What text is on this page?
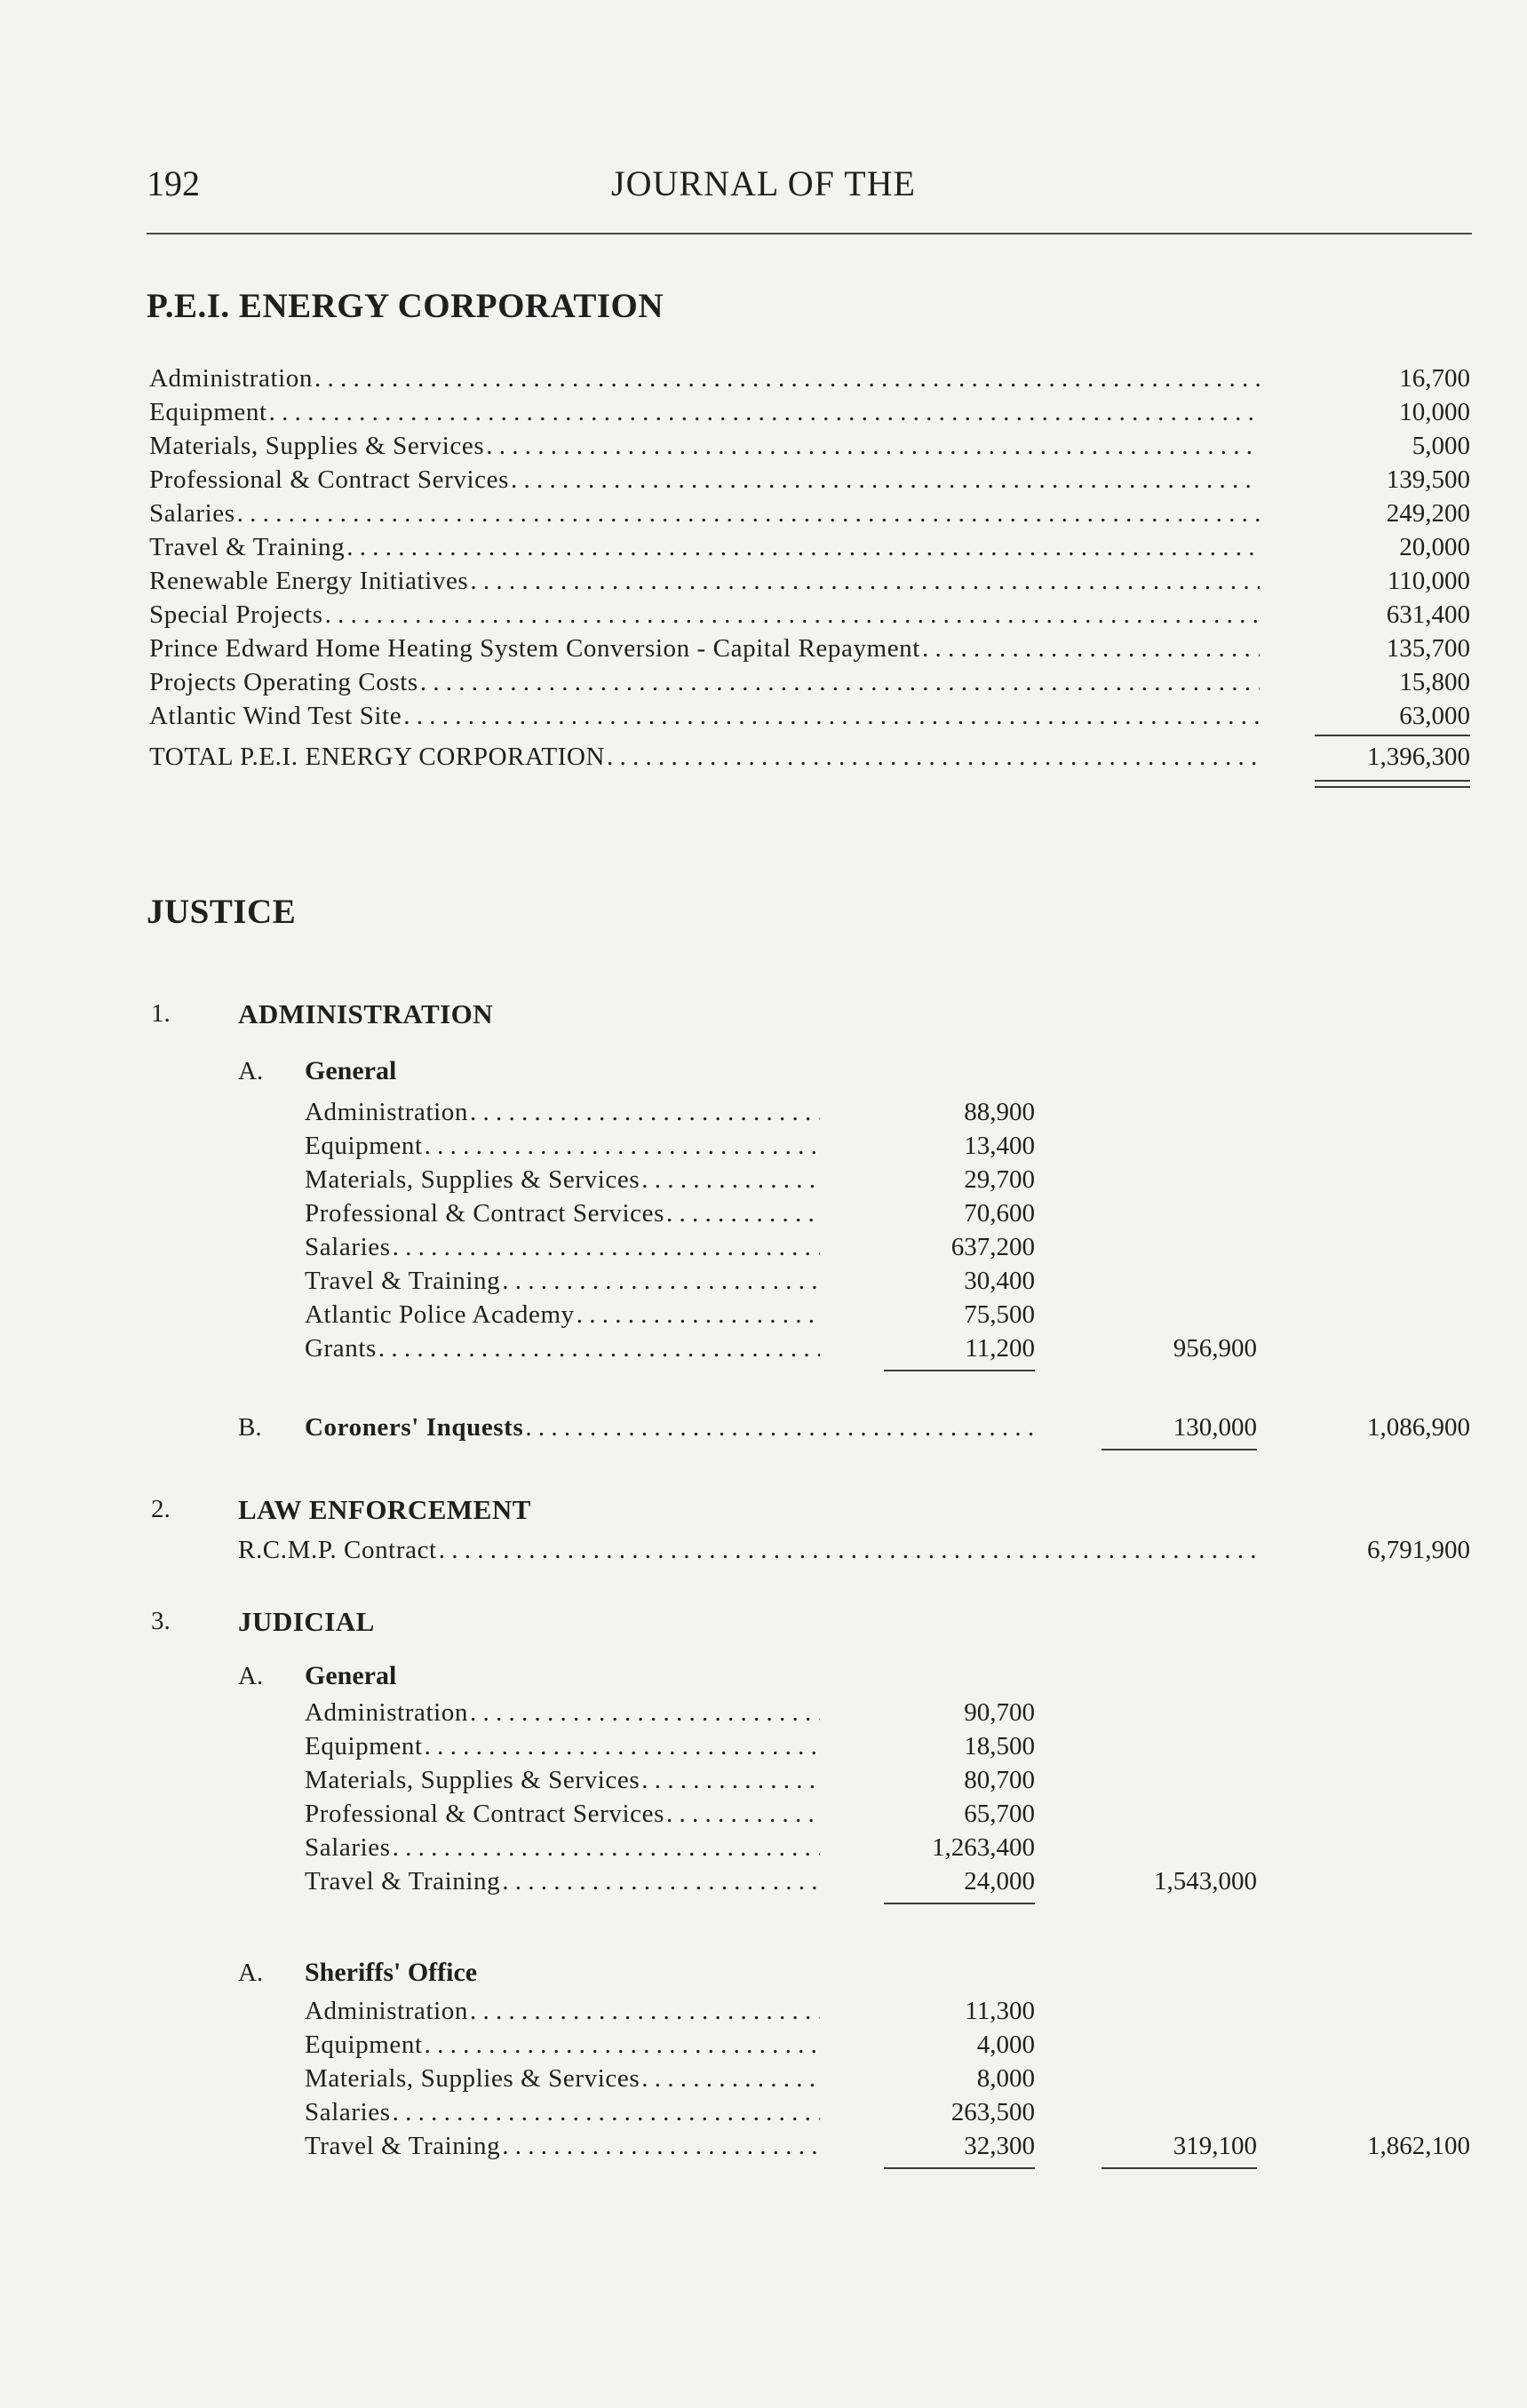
192	JOURNAL OF THE
P.E.I. ENERGY CORPORATION
Administration . . .	16,700
Equipment . . .	10,000
Materials, Supplies & Services . . .	5,000
Professional & Contract Services . . .	139,500
Salaries . . .	249,200
Travel & Training . . .	20,000
Renewable Energy Initiatives . . .	110,000
Special Projects . . .	631,400
Prince Edward Home Heating System Conversion - Capital Repayment . . .	135,700
Projects Operating Costs . . .	15,800
Atlantic Wind Test Site . . .	63,000
TOTAL P.E.I. ENERGY CORPORATION . . .	1,396,300
JUSTICE
1. ADMINISTRATION
A. General
Administration . . .	88,900
Equipment . . .	13,400
Materials, Supplies & Services . . .	29,700
Professional & Contract Services . . .	70,600
Salaries . . .	637,200
Travel & Training . . .	30,400
Atlantic Police Academy . . .	75,500
Grants . . .	11,200	956,900
B. Coroners' Inquests . . .	130,000	1,086,900
2. LAW ENFORCEMENT
R.C.M.P. Contract . . .	6,791,900
3. JUDICIAL
A. General
Administration . . .	90,700
Equipment . . .	18,500
Materials, Supplies & Services . . .	80,700
Professional & Contract Services . . .	65,700
Salaries . . .	1,263,400
Travel & Training . . .	24,000	1,543,000
A. Sheriffs' Office
Administration . . .	11,300
Equipment . . .	4,000
Materials, Supplies & Services . . .	8,000
Salaries . . .	263,500
Travel & Training . . .	32,300	319,100	1,862,100
